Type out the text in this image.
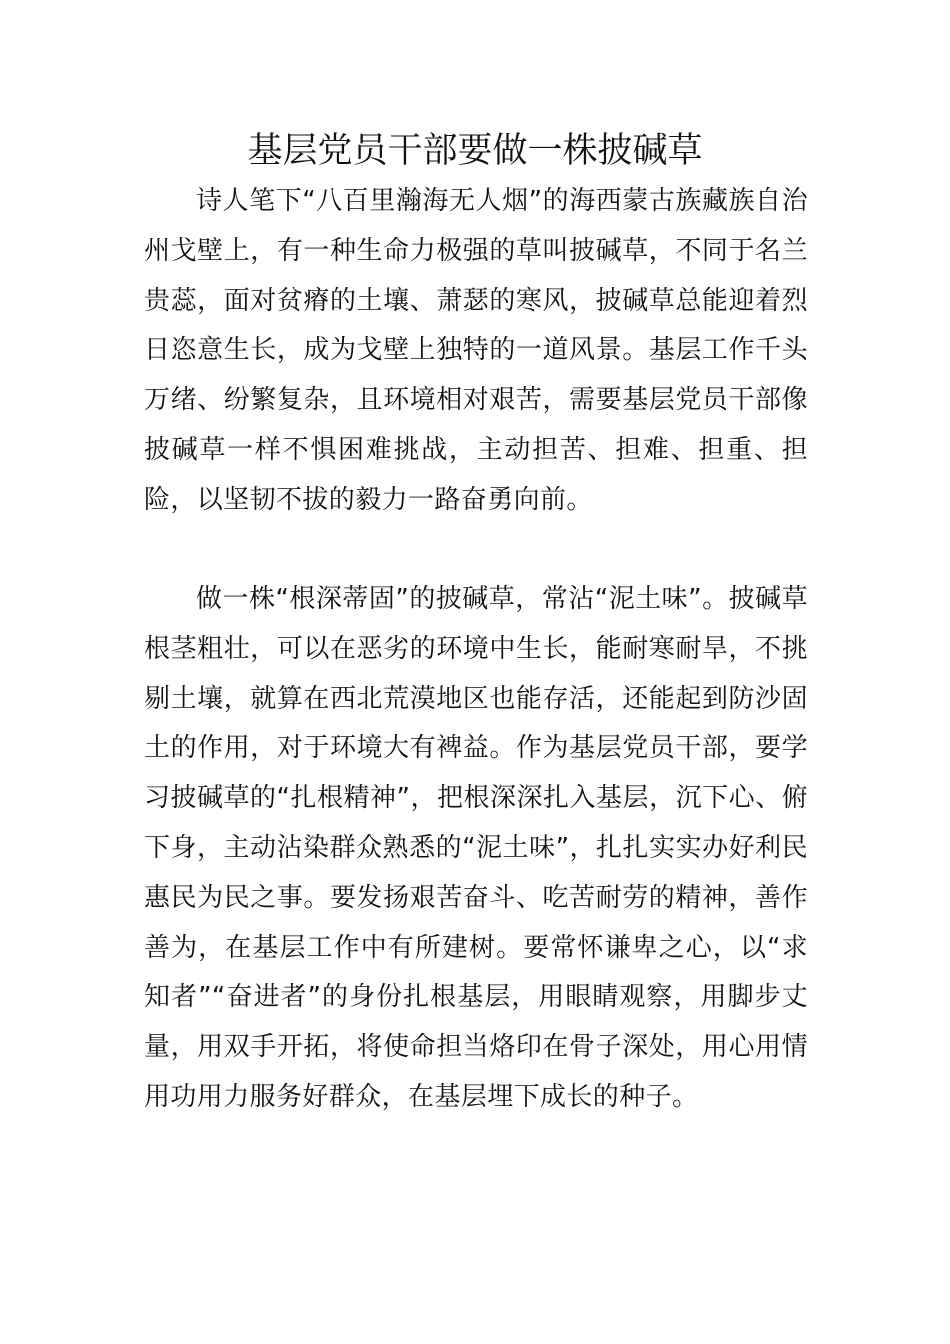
基层党员干部要做一株披碱草

诗人笔下“八百里瀚海无人烟”的海西蒙古族藏族自治州戈壁上，有一种生命力极强的草叫披碱草，不同于名兰贵蕊，面对贫瘠的土壤、萧瑟的寒风，披碱草总能迎着烈日恣意生长，成为戈壁上独特的一道风景。基层工作千头万绪、纷繁复杂，且环境相对艰苦，需要基层党员干部像披碱草一样不惧困难挑战，主动担苦、担难、担重、担险，以坚韧不拔的毅力一路奋勇向前。

做一株“根深蒂固”的披碱草，常沾“泥土味”。披碱草根茎粗壮，可以在恶劣的环境中生长，能耐寒耐旱，不挑剔土壤，就算在西北荒漠地区也能存活，还能起到防沙固土的作用，对于环境大有裨益。作为基层党员干部，要学习披碱草的“扎根精神”，把根深深扎入基层，沉下心、俯下身，主动沾染群众熟悉的“泥土味”，扎扎实实办好利民惠民为民之事。要发扬艰苦奋斗、吃苦耐劳的精神，善作善为，在基层工作中有所建树。要常怀谦卑之心，以“求知者”“奋进者”的身份扎根基层，用眼睛观察，用脚步丈量，用双手开拓，将使命担当烙印在骨子深处，用心用情用功用力服务好群众，在基层埋下成长的种子。
